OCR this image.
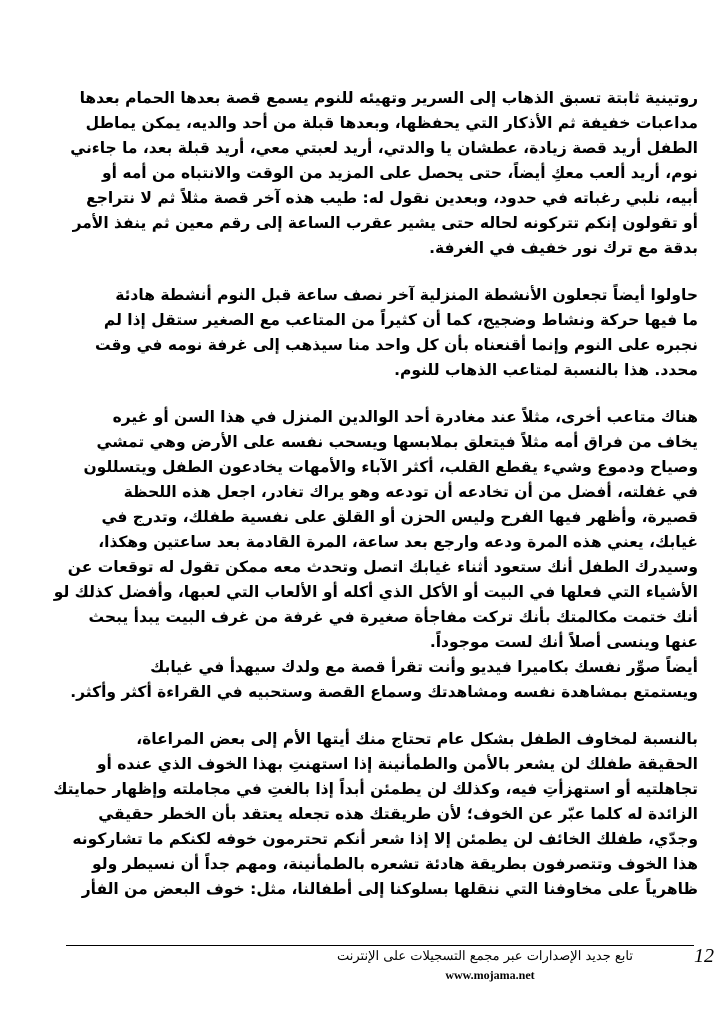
روتينية ثابتة تسبق الذهاب إلى السرير وتهيئه للنوم يسمع قصة بعدها الحمام بعدها
مداعبات خفيفة ثم الأذكار التي يحفظها، وبعدها قبلة من أحد والديه، يمكن يماطل
الطفل أريد قصة زيادة، عطشان يا والدتي، أريد لعبتي معي، أريد قبلة بعد، ما جاءني
نوم، أريد ألعب معكِ أيضاً، حتى يحصل على المزيد من الوقت والانتباه من أمه أو
أبيه، نلبي رغباته في حدود، وبعدين نقول له: طيب هذه آخر قصة مثلاً ثم لا نتراجع
أو تقولون إنكم تتركونه لحاله حتى يشير عقرب الساعة إلى رقم معين ثم ينفذ الأمر
بدقة مع ترك نور خفيف في الغرفة.

حاولوا أيضاً تجعلون الأنشطة المنزلية آخر نصف ساعة قبل النوم أنشطة هادئة
ما فيها حركة ونشاط وضجيج، كما أن كثيراً من المتاعب مع الصغير ستقل إذا لم
نجبره على النوم وإنما أقنعناه بأن كل واحد منا سيذهب إلى غرفة نومه في وقت
محدد. هذا بالنسبة لمتاعب الذهاب للنوم.

هناك متاعب أخرى، مثلاً عند مغادرة أحد الوالدين المنزل في هذا السن أو غيره
يخاف من فراق أمه مثلاً فيتعلق بملابسها ويسحب نفسه على الأرض وهي تمشي
وصياح ودموع وشيء يقطع القلب، أكثر الآباء والأمهات يخادعون الطفل ويتسللون
في غفلته، أفضل من أن تخادعه أن تودعه وهو يراك تغادر، اجعل هذه اللحظة
قصيرة، وأظهر فيها الفرح وليس الحزن أو القلق على نفسية طفلك، وتدرج في
غيابك، يعني هذه المرة ودعه وارجع بعد ساعة، المرة القادمة بعد ساعتين وهكذا،
وسيدرك الطفل أنك ستعود أثناء غيابك اتصل وتحدث معه ممكن تقول له توقعات عن
الأشياء التي فعلها في البيت أو الأكل الذي أكله أو الألعاب التي لعبها، وأفضل كذلك لو
أنك ختمت مكالمتك بأنك تركت مفاجأة صغيرة في غرفة من غرف البيت يبدأ يبحث
عنها وينسى أصلاً أنك لست موجوداً.
أيضاً صوِّر نفسك بكاميرا فيديو وأنت تقرأ قصة مع ولدك سيهدأ في غيابك
ويستمتع بمشاهدة نفسه ومشاهدتك وسماع القصة وستحبيه في القراءة أكثر وأكثر.

بالنسبة لمخاوف الطفل بشكل عام تحتاج منك أيتها الأم إلى بعض المراعاة،
الحقيقة طفلك لن يشعر بالأمن والطمأنينة إذا استهنتِ بهذا الخوف الذي عنده أو
تجاهلتيه أو استهزأتِ فيه، وكذلك لن يطمئن أبداً إذا بالغتِ في مجاملته وإظهار حمايتك
الزائدة له كلما عبّر عن الخوف؛ لأن طريقتك هذه تجعله يعتقد بأن الخطر حقيقي
وجدّي، طفلك الخائف لن يطمئن إلا إذا شعر أنكم تحترمون خوفه لكنكم ما تشاركونه
هذا الخوف وتتصرفون بطريقة هادئة تشعره بالطمأنينة، ومهم جداً أن نسيطر ولو
ظاهرياً على مخاوفنا التي ننقلها بسلوكنا إلى أطفالنا، مثل: خوف البعض من الفأر

تابع جديد الإصدارات عبر مجمع التسجيلات على الإنترنت
www.mojama.net
12
